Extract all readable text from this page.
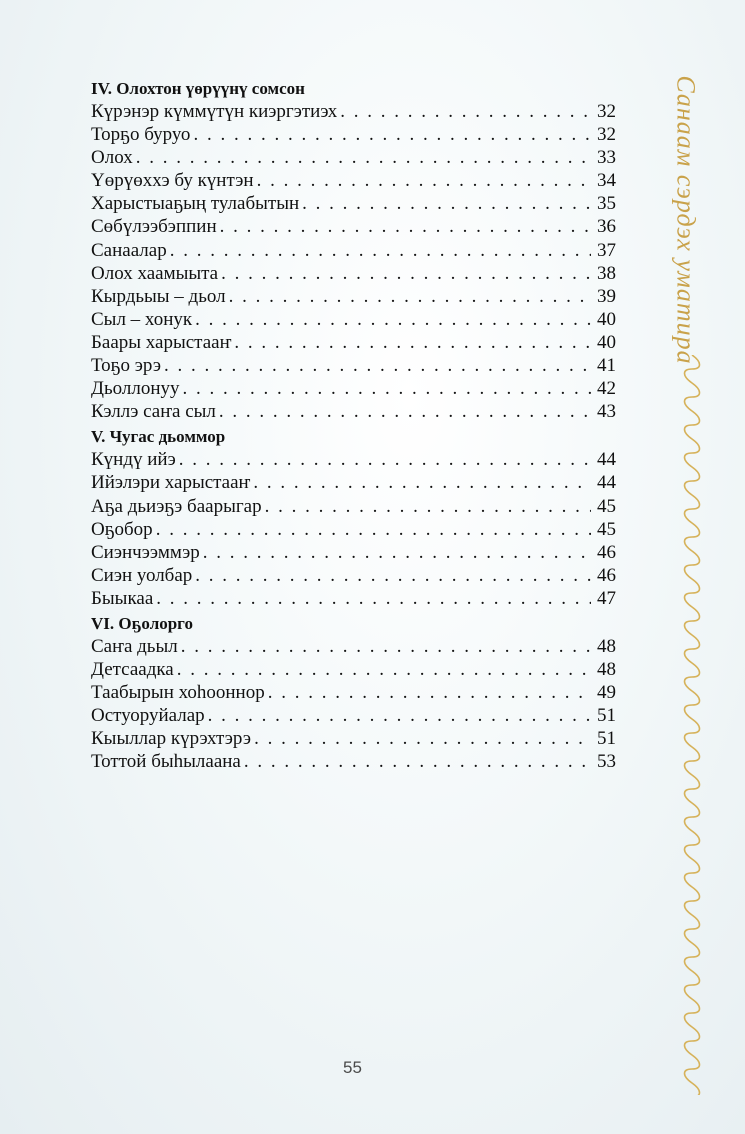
IV. Олохтон үөрүүнү сомсон
Күрэнэр күммүтүн киэргэтиэх . . .	32
Торҕо буруо . . .	32
Олох . . .	33
Үөрүөххэ бу күнтэн . . .	34
Харыстыаҕың тулабытын . . .	35
Сөбүлээбэппин . . .	36
Санаалар . . .	37
Олох хаамыыта . . .	38
Кырдьыы – дьол . . .	39
Сыл – хонук . . .	40
Баары харыстааҥ . . .	40
Тоҕо эрэ . . .	41
Дьоллонуу . . .	42
Кэллэ саҥа сыл . . .	43
V. Чугас дьоммор
Күндү ийэ . . .	44
Ийэлэри харыстааҥ . . .	44
Аҕа дьиэҕэ баарыгар . . .	45
Оҕобор . . .	45
Сиэнчээммэр . . .	46
Сиэн уолбар . . .	46
Быыкаа . . .	47
VI. Оҕолорго
Саҥа дьыл . . .	48
Детсаадка . . .	48
Таабырын хоһооннор . . .	49
Остуоруйалар . . .	51
Кыыллар күрэхтэрэ . . .	51
Тоттой быһылаана . . .	53
Санаам сэрдэх уматира
55
